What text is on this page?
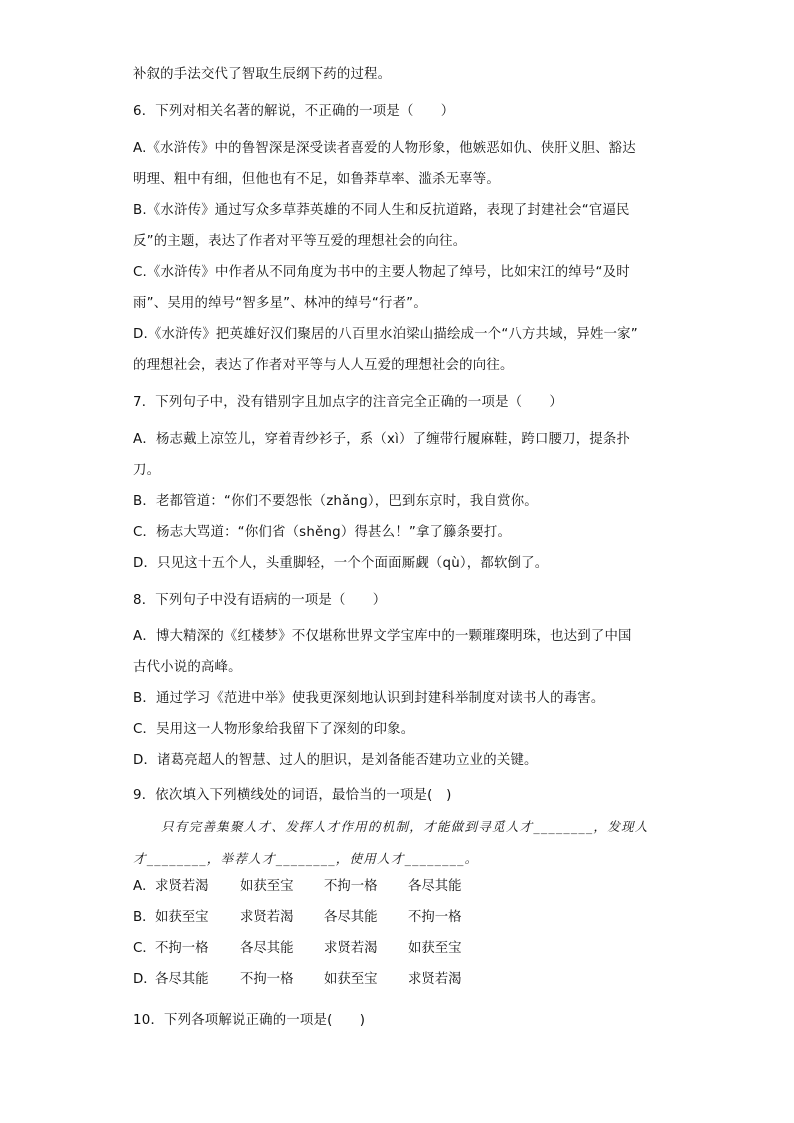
补叙的手法交代了智取生辰纲下药的过程。
6．下列对相关名著的解说，不正确的一项是（　　）
A.《水浒传》中的鲁智深是深受读者喜爱的人物形象，他嫉恶如仇、侠肝义胆、豁达
明理、粗中有细，但他也有不足，如鲁莽草率、滥杀无辜等。
B.《水浒传》通过写众多草莽英雄的不同人生和反抗道路，表现了封建社会“官逼民
反”的主题，表达了作者对平等互爱的理想社会的向往。
C.《水浒传》中作者从不同角度为书中的主要人物起了绰号，比如宋江的绰号“及时
雨”、吴用的绰号“智多星”、林冲的绰号“行者”。
D.《水浒传》把英雄好汉们聚居的八百里水泊梁山描绘成一个“八方共域，异姓一家”
的理想社会，表达了作者对平等与人人互爱的理想社会的向往。
7．下列句子中，没有错别字且加点字的注音完全正确的一项是（　　）
A．杨志戴上凉笠儿，穿着青纱衫子，系（xì）了缠带行履麻鞋，跨口腰刀，提条扑
刀。
B．老都管道：“你们不要怨怅（zhǎng），巴到东京时，我自赏你。
C．杨志大骂道：“你们省（shěng）得甚么！”拿了籐条要打。
D．只见这十五个人，头重脚轻，一个个面面厮觑（qù），都软倒了。
8．下列句子中没有语病的一项是（　　）
A．博大精深的《红楼梦》不仅堪称世界文学宝库中的一颗璀璨明珠，也达到了中国
古代小说的高峰。
B．通过学习《范进中举》使我更深刻地认识到封建科举制度对读书人的毒害。
C．吴用这一人物形象给我留下了深刻的印象。
D．诸葛亮超人的智慧、过人的胆识，是刘备能否建功立业的关键。
9．依次填入下列横线处的词语，最恰当的一项是(　)
只有完善集聚人才、发挥人才作用的机制，才能做到寻觅人才________，发现人
才________，举荐人才________，使用人才________。
A． 求贤若渴 如获至宝 不拘一格 各尽其能
B． 如获至宝 求贤若渴 各尽其能 不拘一格
C． 不拘一格 各尽其能 求贤若渴 如获至宝
D．
各尽其能 不拘一格 如获至宝 求贤若渴
10．下列各项解说正确的一项是(　　)
